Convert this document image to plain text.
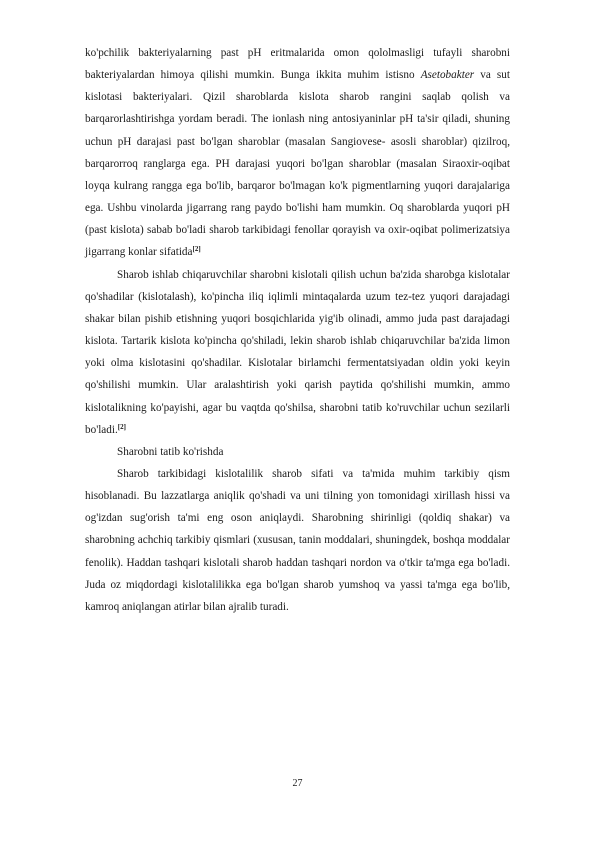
ko'pchilik bakteriyalarning past pH eritmalarida omon qololmasligi tufayli sharobni bakteriyalardan himoya qilishi mumkin. Bunga ikkita muhim istisno Asetobakter va sut kislotasi bakteriyalari. Qizil sharoblarda kislota sharob rangini saqlab qolish va barqarorlashtirishga yordam beradi. The ionlash ning antosiyaninlar pH ta'sir qiladi, shuning uchun pH darajasi past bo'lgan sharoblar (masalan Sangiovese- asosli sharoblar) qizilroq, barqarorroq ranglarga ega. PH darajasi yuqori bo'lgan sharoblar (masalan Siraoxir-oqibat loyqa kulrang rangga ega bo'lib, barqaror bo'lmagan ko'k pigmentlarning yuqori darajalariga ega. Ushbu vinolarda jigarrang rang paydo bo'lishi ham mumkin. Oq sharoblarda yuqori pH (past kislota) sabab bo'ladi sharob tarkibidagi fenollar qorayish va oxir-oqibat polimerizatsiya jigarrang konlar sifatida[2]

Sharob ishlab chiqaruvchilar sharobni kislotali qilish uchun ba'zida sharobga kislotalar qo'shadilar (kislotalash), ko'pincha iliq iqlimli mintaqalarda uzum tez-tez yuqori darajadagi shakar bilan pishib etishning yuqori bosqichlarida yig'ib olinadi, ammo juda past darajadagi kislota. Tartarik kislota ko'pincha qo'shiladi, lekin sharob ishlab chiqaruvchilar ba'zida limon yoki olma kislotasini qo'shadilar. Kislotalar birlamchi fermentatsiyadan oldin yoki keyin qo'shilishi mumkin. Ular aralashtirish yoki qarish paytida qo'shilishi mumkin, ammo kislotalikning ko'payishi, agar bu vaqtda qo'shilsa, sharobni tatib ko'ruvchilar uchun sezilarli bo'ladi.[2]

Sharobni tatib ko'rishda

Sharob tarkibidagi kislotalilik sharob sifati va ta'mida muhim tarkibiy qism hisoblanadi. Bu lazzatlarga aniqlik qo'shadi va uni tilning yon tomonidagi xirillash hissi va og'izdan sug'orish ta'mi eng oson aniqlaydi. Sharobning shirinligi (qoldiq shakar) va sharobning achchiq tarkibiy qismlari (xususan, tanin moddalari, shuningdek, boshqa moddalar fenolik). Haddan tashqari kislotali sharob haddan tashqari nordon va o'tkir ta'mga ega bo'ladi. Juda oz miqdordagi kislotalilikka ega bo'lgan sharob yumshoq va yassi ta'mga ega bo'lib, kamroq aniqlangan atirlar bilan ajralib turadi.

27
